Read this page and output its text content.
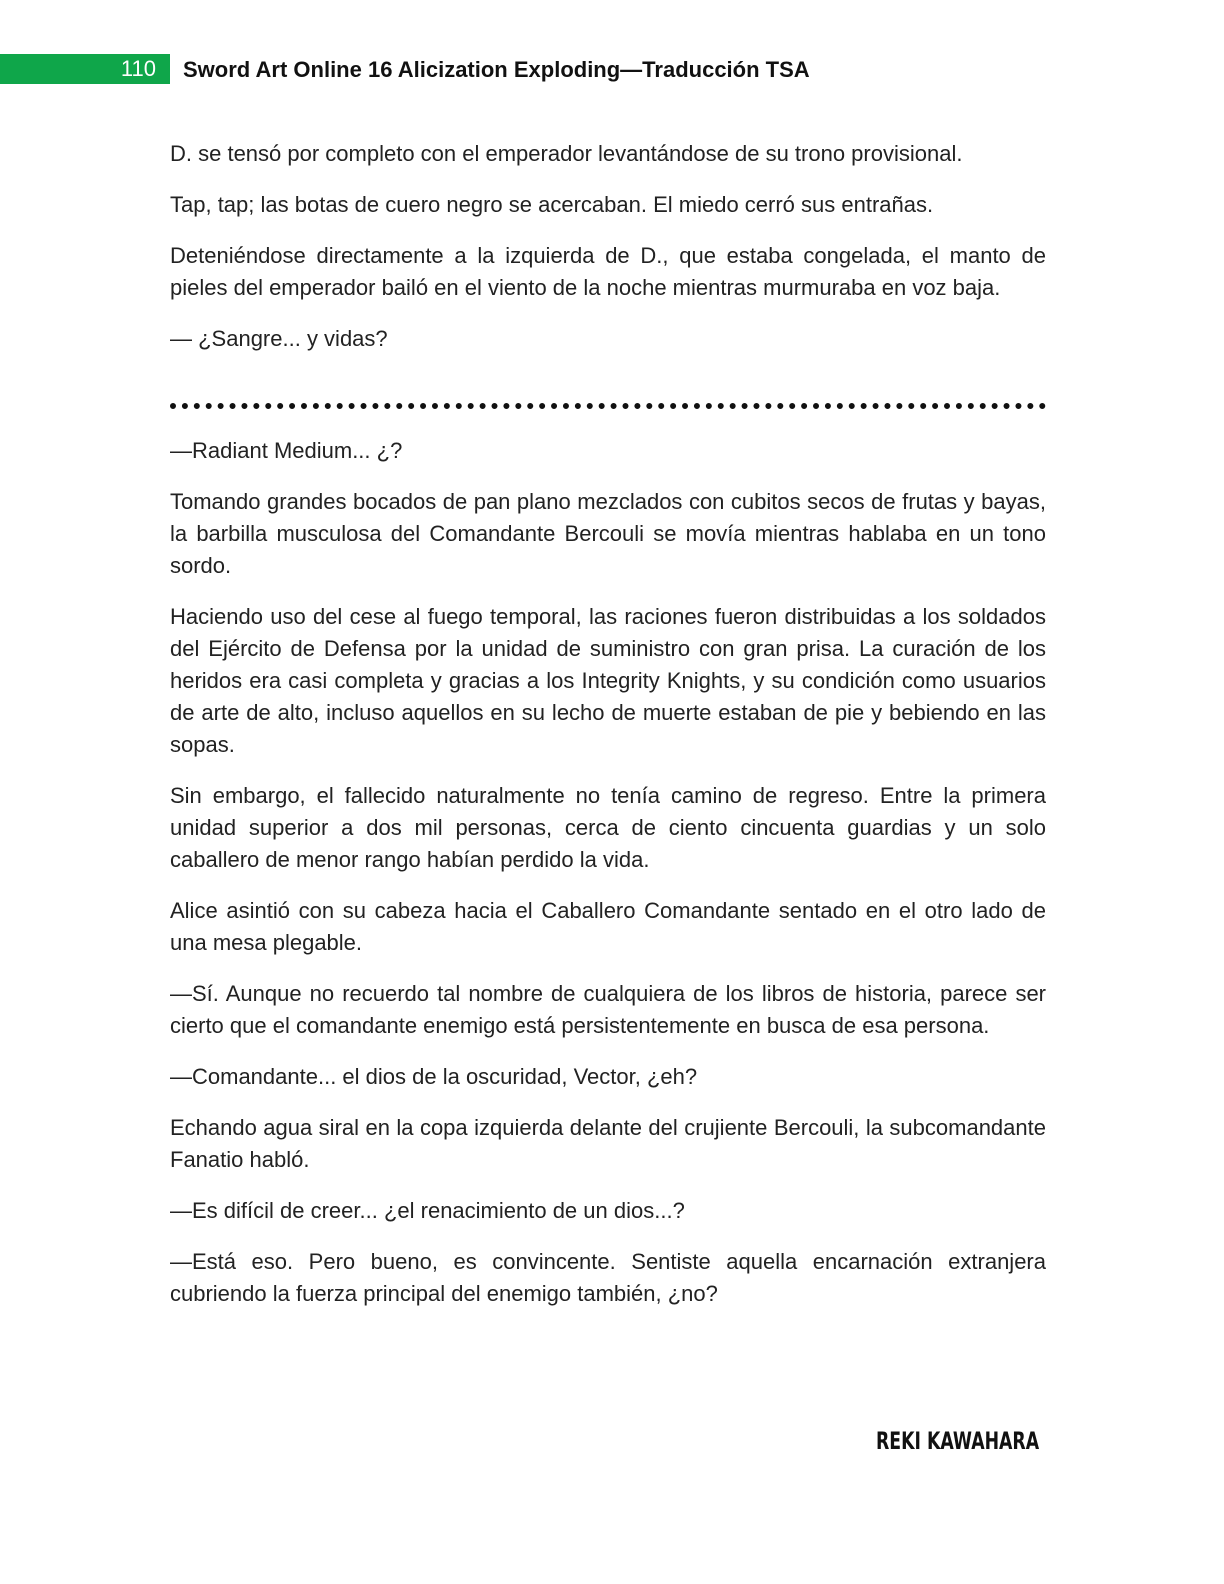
110 Sword Art Online 16 Alicization Exploding—Traducción TSA

D. se tensó por completo con el emperador levantándose de su trono provisional.

Tap, tap; las botas de cuero negro se acercaban. El miedo cerró sus entrañas.

Deteniéndose directamente a la izquierda de D., que estaba congelada, el manto de pieles del emperador bailó en el viento de la noche mientras murmuraba en voz baja.

— ¿Sangre... y vidas?

—Radiant Medium... ¿?

Tomando grandes bocados de pan plano mezclados con cubitos secos de frutas y bayas, la barbilla musculosa del Comandante Bercouli se movía mientras hablaba en un tono sordo.

Haciendo uso del cese al fuego temporal, las raciones fueron distribuidas a los soldados del Ejército de Defensa por la unidad de suministro con gran prisa. La curación de los heridos era casi completa y gracias a los Integrity Knights, y su condición como usuarios de arte de alto, incluso aquellos en su lecho de muerte estaban de pie y bebiendo en las sopas.

Sin embargo, el fallecido naturalmente no tenía camino de regreso. Entre la primera unidad superior a dos mil personas, cerca de ciento cincuenta guardias y un solo caballero de menor rango habían perdido la vida.

Alice asintió con su cabeza hacia el Caballero Comandante sentado en el otro lado de una mesa plegable.

—Sí. Aunque no recuerdo tal nombre de cualquiera de los libros de historia, parece ser cierto que el comandante enemigo está persistentemente en busca de esa persona.

—Comandante... el dios de la oscuridad, Vector, ¿eh?

Echando agua siral en la copa izquierda delante del crujiente Bercouli, la subcomandante Fanatio habló.

—Es difícil de creer... ¿el renacimiento de un dios...?

—Está eso. Pero bueno, es convincente. Sentiste aquella encarnación extranjera cubriendo la fuerza principal del enemigo también, ¿no?

REKI KAWAHARA
